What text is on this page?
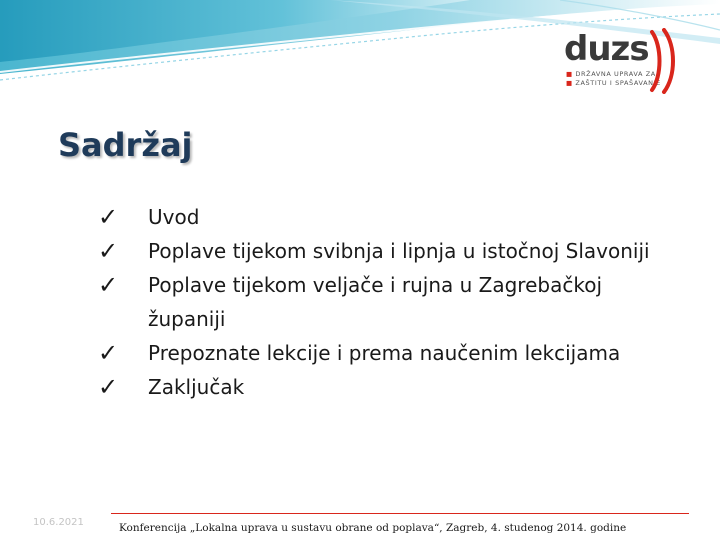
duzs
■ DRŽAVNA UPRAVA ZA
■ ZAŠTITU I SPAŠAVANJE
Sadržaj
✓ Uvod
✓ Poplave tijekom svibnja i lipnja u istočnoj Slavoniji
✓ Poplave tijekom veljače i rujna u Zagrebačkoj županiji
✓ Prepoznate lekcije i prema naučenim lekcijama
✓ Zaključak
10.6.2021	Konferencija „Lokalna uprava u sustavu obrane od poplava“, Zagreb, 4. studenog 2014. godine
